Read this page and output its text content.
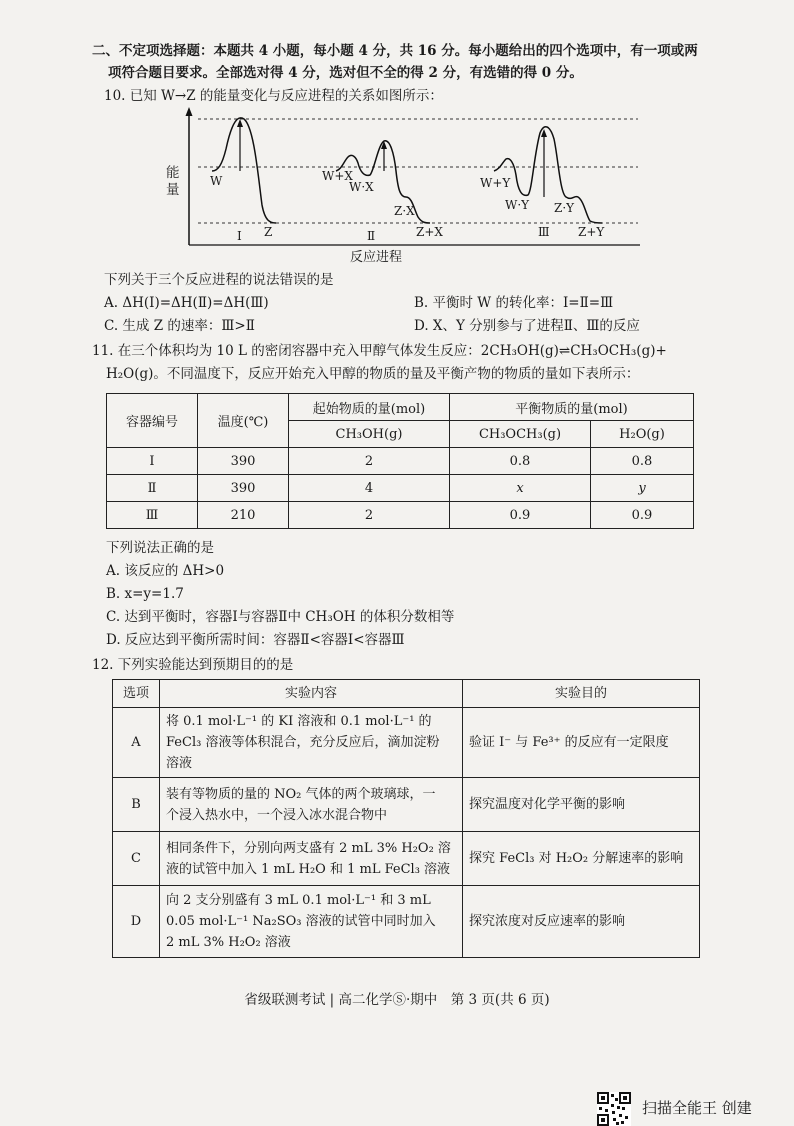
二、不定项选择题：本题共 4 小题，每小题 4 分，共 16 分。每小题给出的四个选项中，有一项或两
项符合题目要求。全部选对得 4 分，选对但不全的得 2 分，有选错的得 0 分。
10. 已知 W→Z 的能量变化与反应进程的关系如图所示：
能
量
W
Ⅰ Z
W+X
W·X
Z·X
Ⅱ	Z+X
W+Y
W·Y Z·Y
Ⅲ Z+Y
反应进程
下列关于三个反应进程的说法错误的是
A. ΔH(Ⅰ)=ΔH(Ⅱ)=ΔH(Ⅲ)	B. 平衡时 W 的转化率：Ⅰ=Ⅱ=Ⅲ
C. 生成 Z 的速率：Ⅲ>Ⅱ	D. X、Y 分别参与了进程Ⅱ、Ⅲ的反应
11. 在三个体积均为 10 L 的密闭容器中充入甲醇气体发生反应：2CH₃OH(g)⇌CH₃OCH₃(g)+
H₂O(g)。不同温度下，反应开始充入甲醇的物质的量及平衡产物的物质的量如下表所示：
容器编号	温度(℃)	起始物质的量(mol)	平衡物质的量(mol)	
		CH₃OH(g)	CH₃OCH₃(g)	H₂O(g)
Ⅰ	390	2	0.8	0.8
Ⅱ	390	4	x	y
Ⅲ	210	2	0.9	0.9
下列说法正确的是
A. 该反应的 ΔH>0
B. x=y=1.7
C. 达到平衡时，容器Ⅰ与容器Ⅱ中 CH₃OH 的体积分数相等
D. 反应达到平衡所需时间：容器Ⅱ<容器Ⅰ<容器Ⅲ
12. 下列实验能达到预期目的的是
选项	实验内容	实验目的
A	将 0.1 mol·L⁻¹ 的 KI 溶液和 0.1 mol·L⁻¹ 的
FeCl₃ 溶液等体积混合，充分反应后，滴加淀粉
溶液	验证 I⁻ 与 Fe³⁺ 的反应有一定限度
B	装有等物质的量的 NO₂ 气体的两个玻璃球，一
个浸入热水中，一个浸入冰水混合物中	探究温度对化学平衡的影响
C	相同条件下，分别向两支盛有 2 mL 3% H₂O₂ 溶
液的试管中加入 1 mL H₂O 和 1 mL FeCl₃ 溶液	探究 FeCl₃ 对 H₂O₂ 分解速率的影响
D	向 2 支分别盛有 3 mL 0.1 mol·L⁻¹ 和 3 mL
0.05 mol·L⁻¹ Na₂SO₃ 溶液的试管中同时加入
2 mL 3% H₂O₂ 溶液	探究浓度对反应速率的影响
省级联测考试 | 高二化学Ⓢ·期中　第 3 页(共 6 页)
扫描全能王 创建
